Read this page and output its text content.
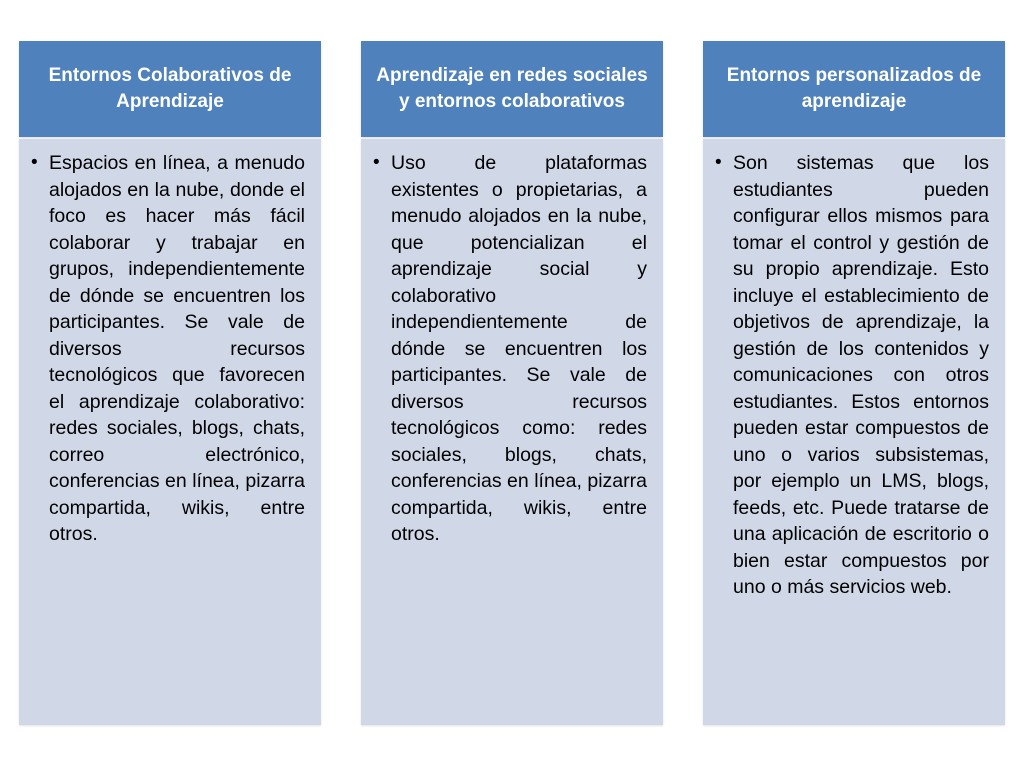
Entornos Colaborativos de Aprendizaje
• Espacios en línea, a menudo alojados en la nube, donde el foco es hacer más fácil colaborar y trabajar en grupos, independientemente de dónde se encuentren los participantes. Se vale de diversos recursos tecnológicos que favorecen el aprendizaje colaborativo: redes sociales, blogs, chats, correo electrónico, conferencias en línea, pizarra compartida, wikis, entre otros.
Aprendizaje en redes sociales y entornos colaborativos
• Uso de plataformas existentes o propietarias, a menudo alojados en la nube, que potencializan el aprendizaje social y colaborativo independientemente de dónde se encuentren los participantes. Se vale de diversos recursos tecnológicos como: redes sociales, blogs, chats, conferencias en línea, pizarra compartida, wikis, entre otros.
Entornos personalizados de aprendizaje
• Son sistemas que los estudiantes pueden configurar ellos mismos para tomar el control y gestión de su propio aprendizaje. Esto incluye el establecimiento de objetivos de aprendizaje, la gestión de los contenidos y comunicaciones con otros estudiantes. Estos entornos pueden estar compuestos de uno o varios subsistemas, por ejemplo un LMS, blogs, feeds, etc. Puede tratarse de una aplicación de escritorio o bien estar compuestos por uno o más servicios web.
